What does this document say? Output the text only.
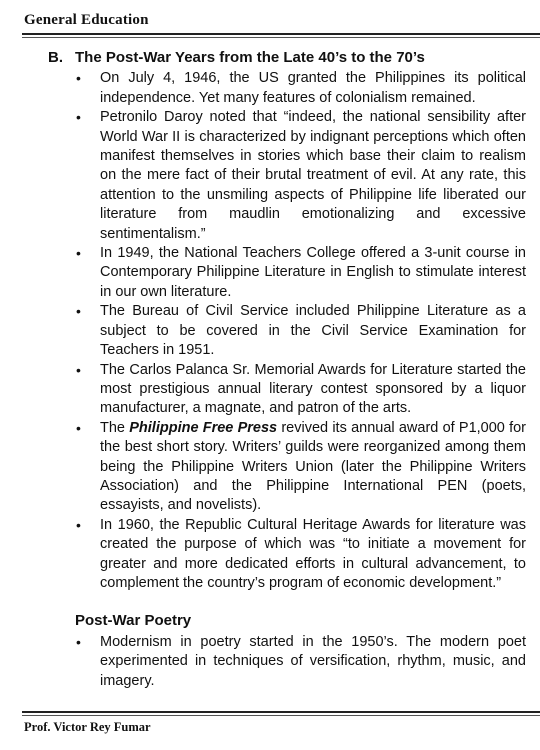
General Education
B. The Post-War Years from the Late 40’s to the 70’s
• On July 4, 1946, the US granted the Philippines its political independence. Yet many features of colonialism remained.
• Petronilo Daroy noted that “indeed, the national sensibility after World War II is characterized by indignant perceptions which often manifest themselves in stories which base their claim to realism on the mere fact of their brutal treatment of evil. At any rate, this attention to the unsmiling aspects of Philippine life liberated our literature from maudlin emotionalizing and excessive sentimentalism.”
• In 1949, the National Teachers College offered a 3-unit course in Contemporary Philippine Literature in English to stimulate interest in our own literature.
• The Bureau of Civil Service included Philippine Literature as a subject to be covered in the Civil Service Examination for Teachers in 1951.
• The Carlos Palanca Sr. Memorial Awards for Literature started the most prestigious annual literary contest sponsored by a liquor manufacturer, a magnate, and patron of the arts.
• The Philippine Free Press revived its annual award of P1,000 for the best short story. Writers’ guilds were reorganized among them being the Philippine Writers Union (later the Philippine Writers Association) and the Philippine International PEN (poets, essayists, and novelists).
• In 1960, the Republic Cultural Heritage Awards for literature was created the purpose of which was “to initiate a movement for greater and more dedicated efforts in cultural advancement, to complement the country’s program of economic development.”
Post-War Poetry
• Modernism in poetry started in the 1950’s. The modern poet experimented in techniques of versification, rhythm, music, and imagery.
Prof. Victor Rey Fumar
